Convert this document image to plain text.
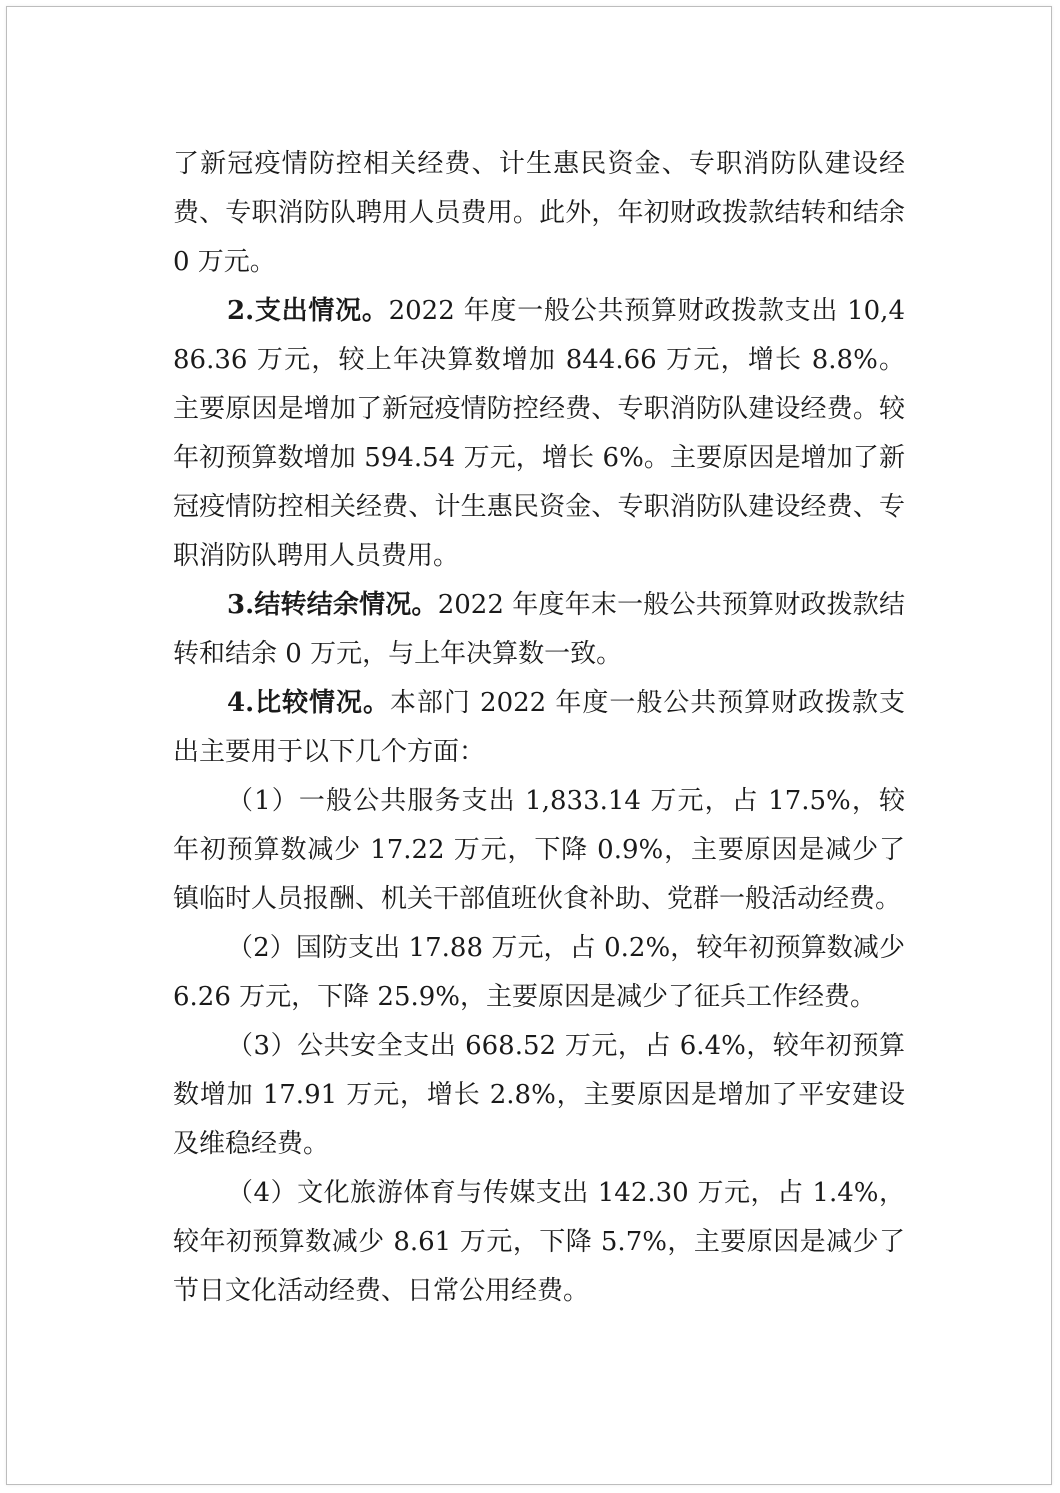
了新冠疫情防控相关经费、计生惠民资金、专职消防队建设经费、专职消防队聘用人员费用。此外，年初财政拨款结转和结余 0 万元。

2.支出情况。2022 年度一般公共预算财政拨款支出 10,486.36 万元，较上年决算数增加 844.66 万元，增长 8.8%。主要原因是增加了新冠疫情防控经费、专职消防队建设经费。较年初预算数增加 594.54 万元，增长 6%。主要原因是增加了新冠疫情防控相关经费、计生惠民资金、专职消防队建设经费、专职消防队聘用人员费用。

3.结转结余情况。2022 年度年末一般公共预算财政拨款结转和结余 0 万元，与上年决算数一致。

4.比较情况。本部门 2022 年度一般公共预算财政拨款支出主要用于以下几个方面：

（1）一般公共服务支出 1,833.14 万元，占 17.5%，较年初预算数减少 17.22 万元，下降 0.9%，主要原因是减少了镇临时人员报酬、机关干部值班伙食补助、党群一般活动经费。

（2）国防支出 17.88 万元，占 0.2%，较年初预算数减少 6.26 万元，下降 25.9%，主要原因是减少了征兵工作经费。

（3）公共安全支出 668.52 万元，占 6.4%，较年初预算数增加 17.91 万元，增长 2.8%，主要原因是增加了平安建设及维稳经费。

（4）文化旅游体育与传媒支出 142.30 万元，占 1.4%，较年初预算数减少 8.61 万元，下降 5.7%，主要原因是减少了节日文化活动经费、日常公用经费。
